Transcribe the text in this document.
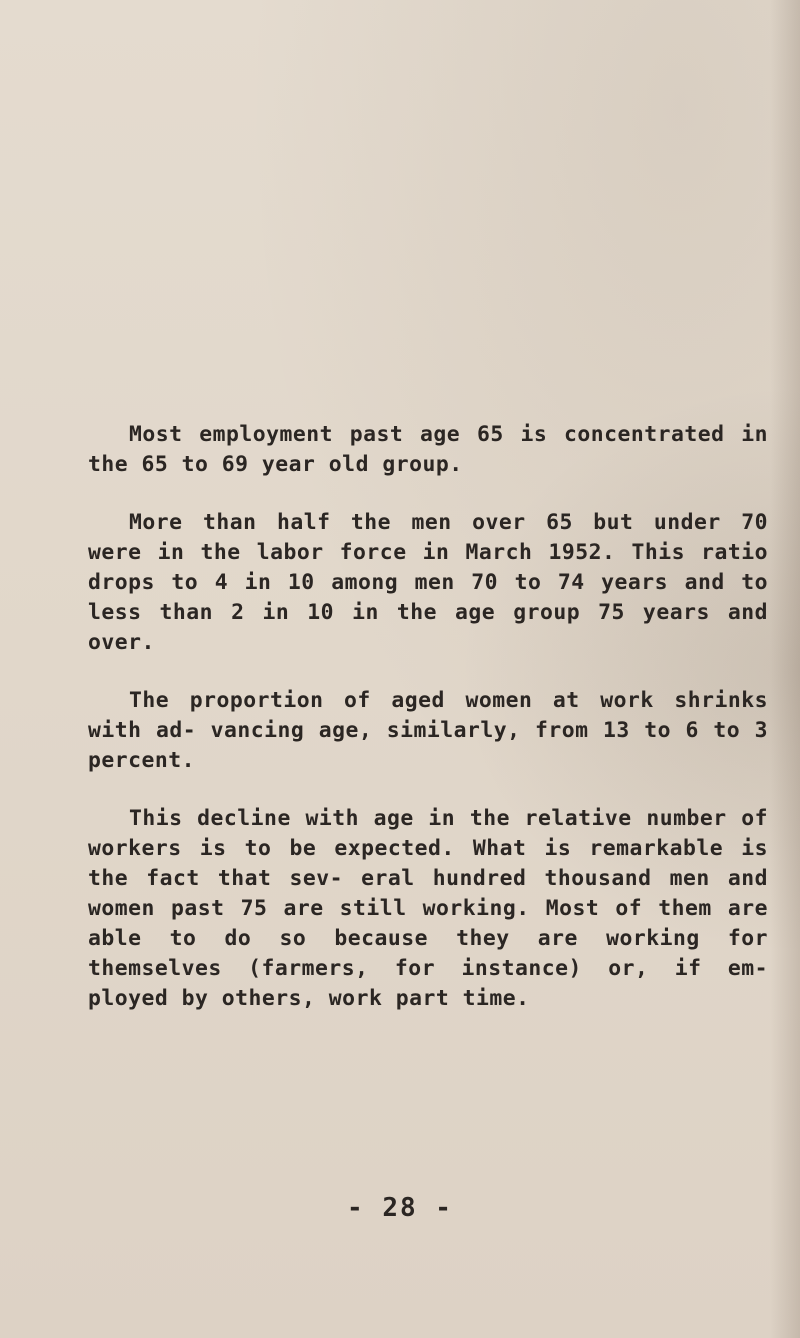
Most employment past age 65 is concentrated in the 65 to 69 year old group.

More than half the men over 65 but under 70 were in the labor force in March 1952. This ratio drops to 4 in 10 among men 70 to 74 years and to less than 2 in 10 in the age group 75 years and over.

The proportion of aged women at work shrinks with ad- vancing age, similarly, from 13 to 6 to 3 percent.

This decline with age in the relative number of workers is to be expected. What is remarkable is the fact that sev- eral hundred thousand men and women past 75 are still working. Most of them are able to do so because they are working for themselves (farmers, for instance) or, if em- ployed by others, work part time.

- 28 -
